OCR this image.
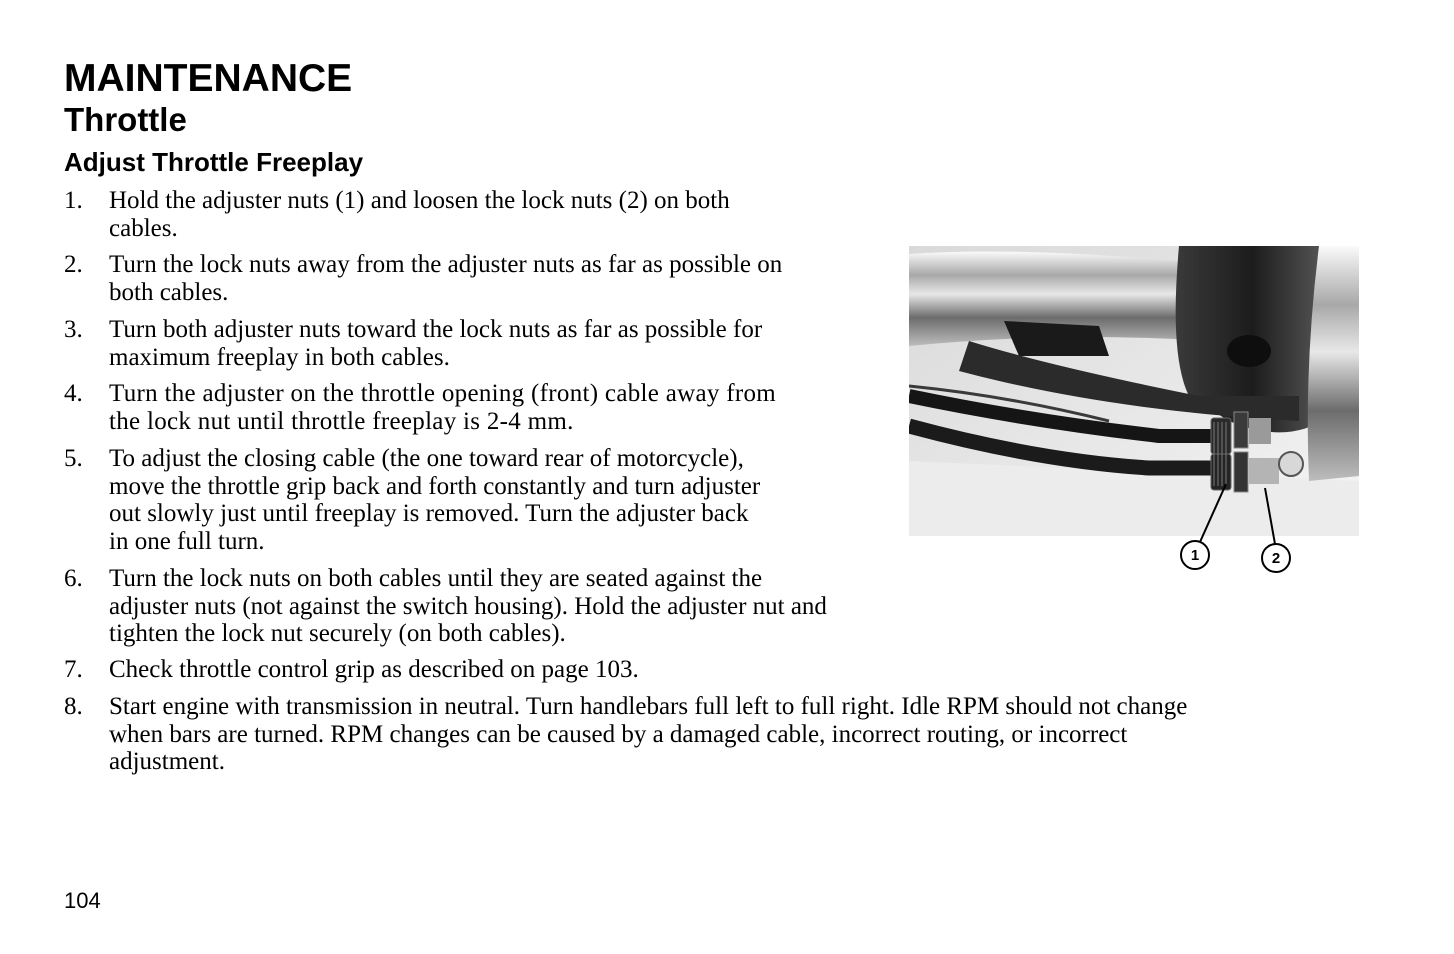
MAINTENANCE
Throttle
Adjust Throttle Freeplay
1. Hold the adjuster nuts (1) and loosen the lock nuts (2) on both
cables.
2. Turn the lock nuts away from the adjuster nuts as far as possible on
both cables.
3. Turn both adjuster nuts toward the lock nuts as far as possible for
maximum freeplay in both cables.
4. Turn the adjuster on the throttle opening (front) cable away from
the lock nut until throttle freeplay is 2-4 mm.
5. To adjust the closing cable (the one toward rear of motorcycle),
move the throttle grip back and forth constantly and turn adjuster
out slowly just until freeplay is removed. Turn the adjuster back
in one full turn.
6. Turn the lock nuts on both cables until they are seated against the
adjuster nuts (not against the switch housing). Hold the adjuster nut and
tighten the lock nut securely (on both cables).
7. Check throttle control grip as described on page 103.
8. Start engine with transmission in neutral. Turn handlebars full left to full right. Idle RPM should not change
when bars are turned. RPM changes can be caused by a damaged cable, incorrect routing, or incorrect
adjustment.
1	2
104
